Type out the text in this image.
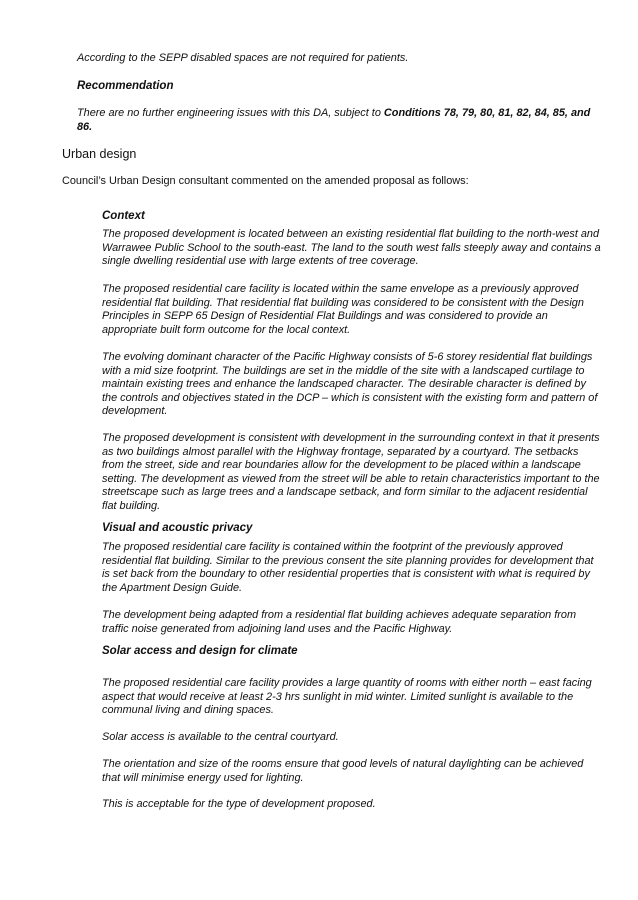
According to the SEPP disabled spaces are not required for patients.

Recommendation

There are no further engineering issues with this DA, subject to Conditions 78, 79, 80, 81, 82, 84, 85, and 86.

Urban design

Council’s Urban Design consultant commented on the amended proposal as follows:

Context

The proposed development is located between an existing residential flat building to the north-west and Warrawee Public School to the south-east. The land to the south west falls steeply away and contains a single dwelling residential use with large extents of tree coverage.

The proposed residential care facility is located within the same envelope as a previously approved residential flat building. That residential flat building was considered to be consistent with the Design Principles in SEPP 65 Design of Residential Flat Buildings and was considered to provide an appropriate built form outcome for the local context.

The evolving dominant character of the Pacific Highway consists of 5-6 storey residential flat buildings with a mid size footprint. The buildings are set in the middle of the site with a landscaped curtilage to maintain existing trees and enhance the landscaped character. The desirable character is defined by the controls and objectives stated in the DCP – which is consistent with the existing form and pattern of development.

The proposed development is consistent with development in the surrounding context in that it presents as two buildings almost parallel with the Highway frontage, separated by a courtyard. The setbacks from the street, side and rear boundaries allow for the development to be placed within a landscape setting. The development as viewed from the street will be able to retain characteristics important to the streetscape such as large trees and a landscape setback, and form similar to the adjacent residential flat building.

Visual and acoustic privacy

The proposed residential care facility is contained within the footprint of the previously approved residential flat building. Similar to the previous consent the site planning provides for development that is set back from the boundary to other residential properties that is consistent with what is required by the Apartment Design Guide.

The development being adapted from a residential flat building achieves adequate separation from traffic noise generated from adjoining land uses and the Pacific Highway.

Solar access and design for climate

The proposed residential care facility provides a large quantity of rooms with either north – east facing aspect that would receive at least 2-3 hrs sunlight in mid winter. Limited sunlight is available to the communal living and dining spaces.

Solar access is available to the central courtyard.

The orientation and size of the rooms ensure that good levels of natural daylighting can be achieved that will minimise energy used for lighting.

This is acceptable for the type of development proposed.
